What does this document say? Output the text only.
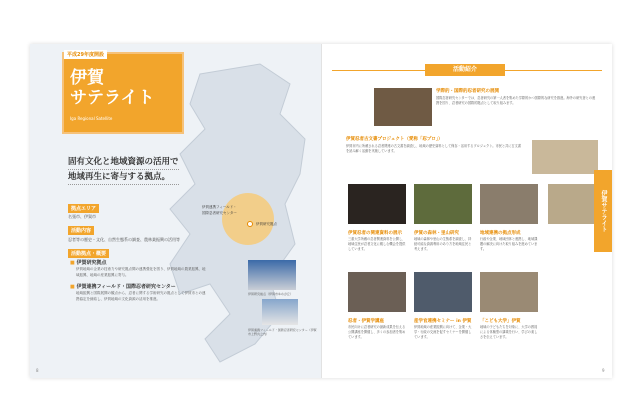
平成29年度開設
伊賀
サテライト
Iga Regional Satellite
伊賀連携フィールド・
国際忍者研究センター
伊賀研究拠点
固有文化と地域資源の活用で
地域再生に寄与する拠点。
拠点エリア
名張市、伊賀市
活動内容
忍者等の歴史・文化、自然生態系の調査、農林業振興の活用等
活動拠点・概要
■ 伊賀研究拠点
伊賀地域の企業の技術力や研究拠点間の連携強化を図り、伊賀地域の農業振興、地域振興、地域の産業振興に寄与。
■ 伊賀連携フィールド・国際忍者研究センター
地域振興と国際展開の観点から、忍者に関する学術研究の拠点として伊賀市との連携協定を締結し、伊賀地域の文化資源の活用を推進。
伊賀研究拠点（伊賀市ゆめが丘）
伊賀連携フィールド・国際忍者研究センター（伊賀市上野丸之内）
8
活動紹介
学際的・国際的忍者研究の展開
国際忍者研究センターでは、忍者研究の第一人者を集めた学際的かつ国際的な研究を推進。海外の研究者との連携を図り、忍者研究の国際的拠点として取り組みます。
伊賀忍者古文書プロジェクト（愛称「忍プロ」）
伊賀市内に所蔵される忍者関連の古文書を調査し、地域の歴史資料として保存・活用するプロジェクト。市民と共に古文書を読み解く活動を実施しています。
伊賀忍者の関連資料の展示
三重大学所蔵の忍者関連資料を公開し、地域住民が忍者文化に親しむ機会を提供しています。
伊賀の森林・里山研究
地域の森林や里山の生態系を調査し、持続可能な資源利用のあり方を地域住民と考えます。
地域連携の拠点形成
行政や企業、地域団体と連携し、地域課題の解決に向けた取り組みを進めています。
忍者・伊賀学講座
市民向けに忍者研究の最新成果を伝える公開講座を開催し、多くの参加者を集めています。
産学官連携セミナー in 伊賀
伊賀地域の産業振興に向けて、企業・大学・行政の交流を促すセミナーを開催しています。
「こども大学」伊賀
地域の子どもたちを対象に、大学の教員による体験型の講義を行い、学びの楽しさを伝えています。
9
伊賀サテライト
